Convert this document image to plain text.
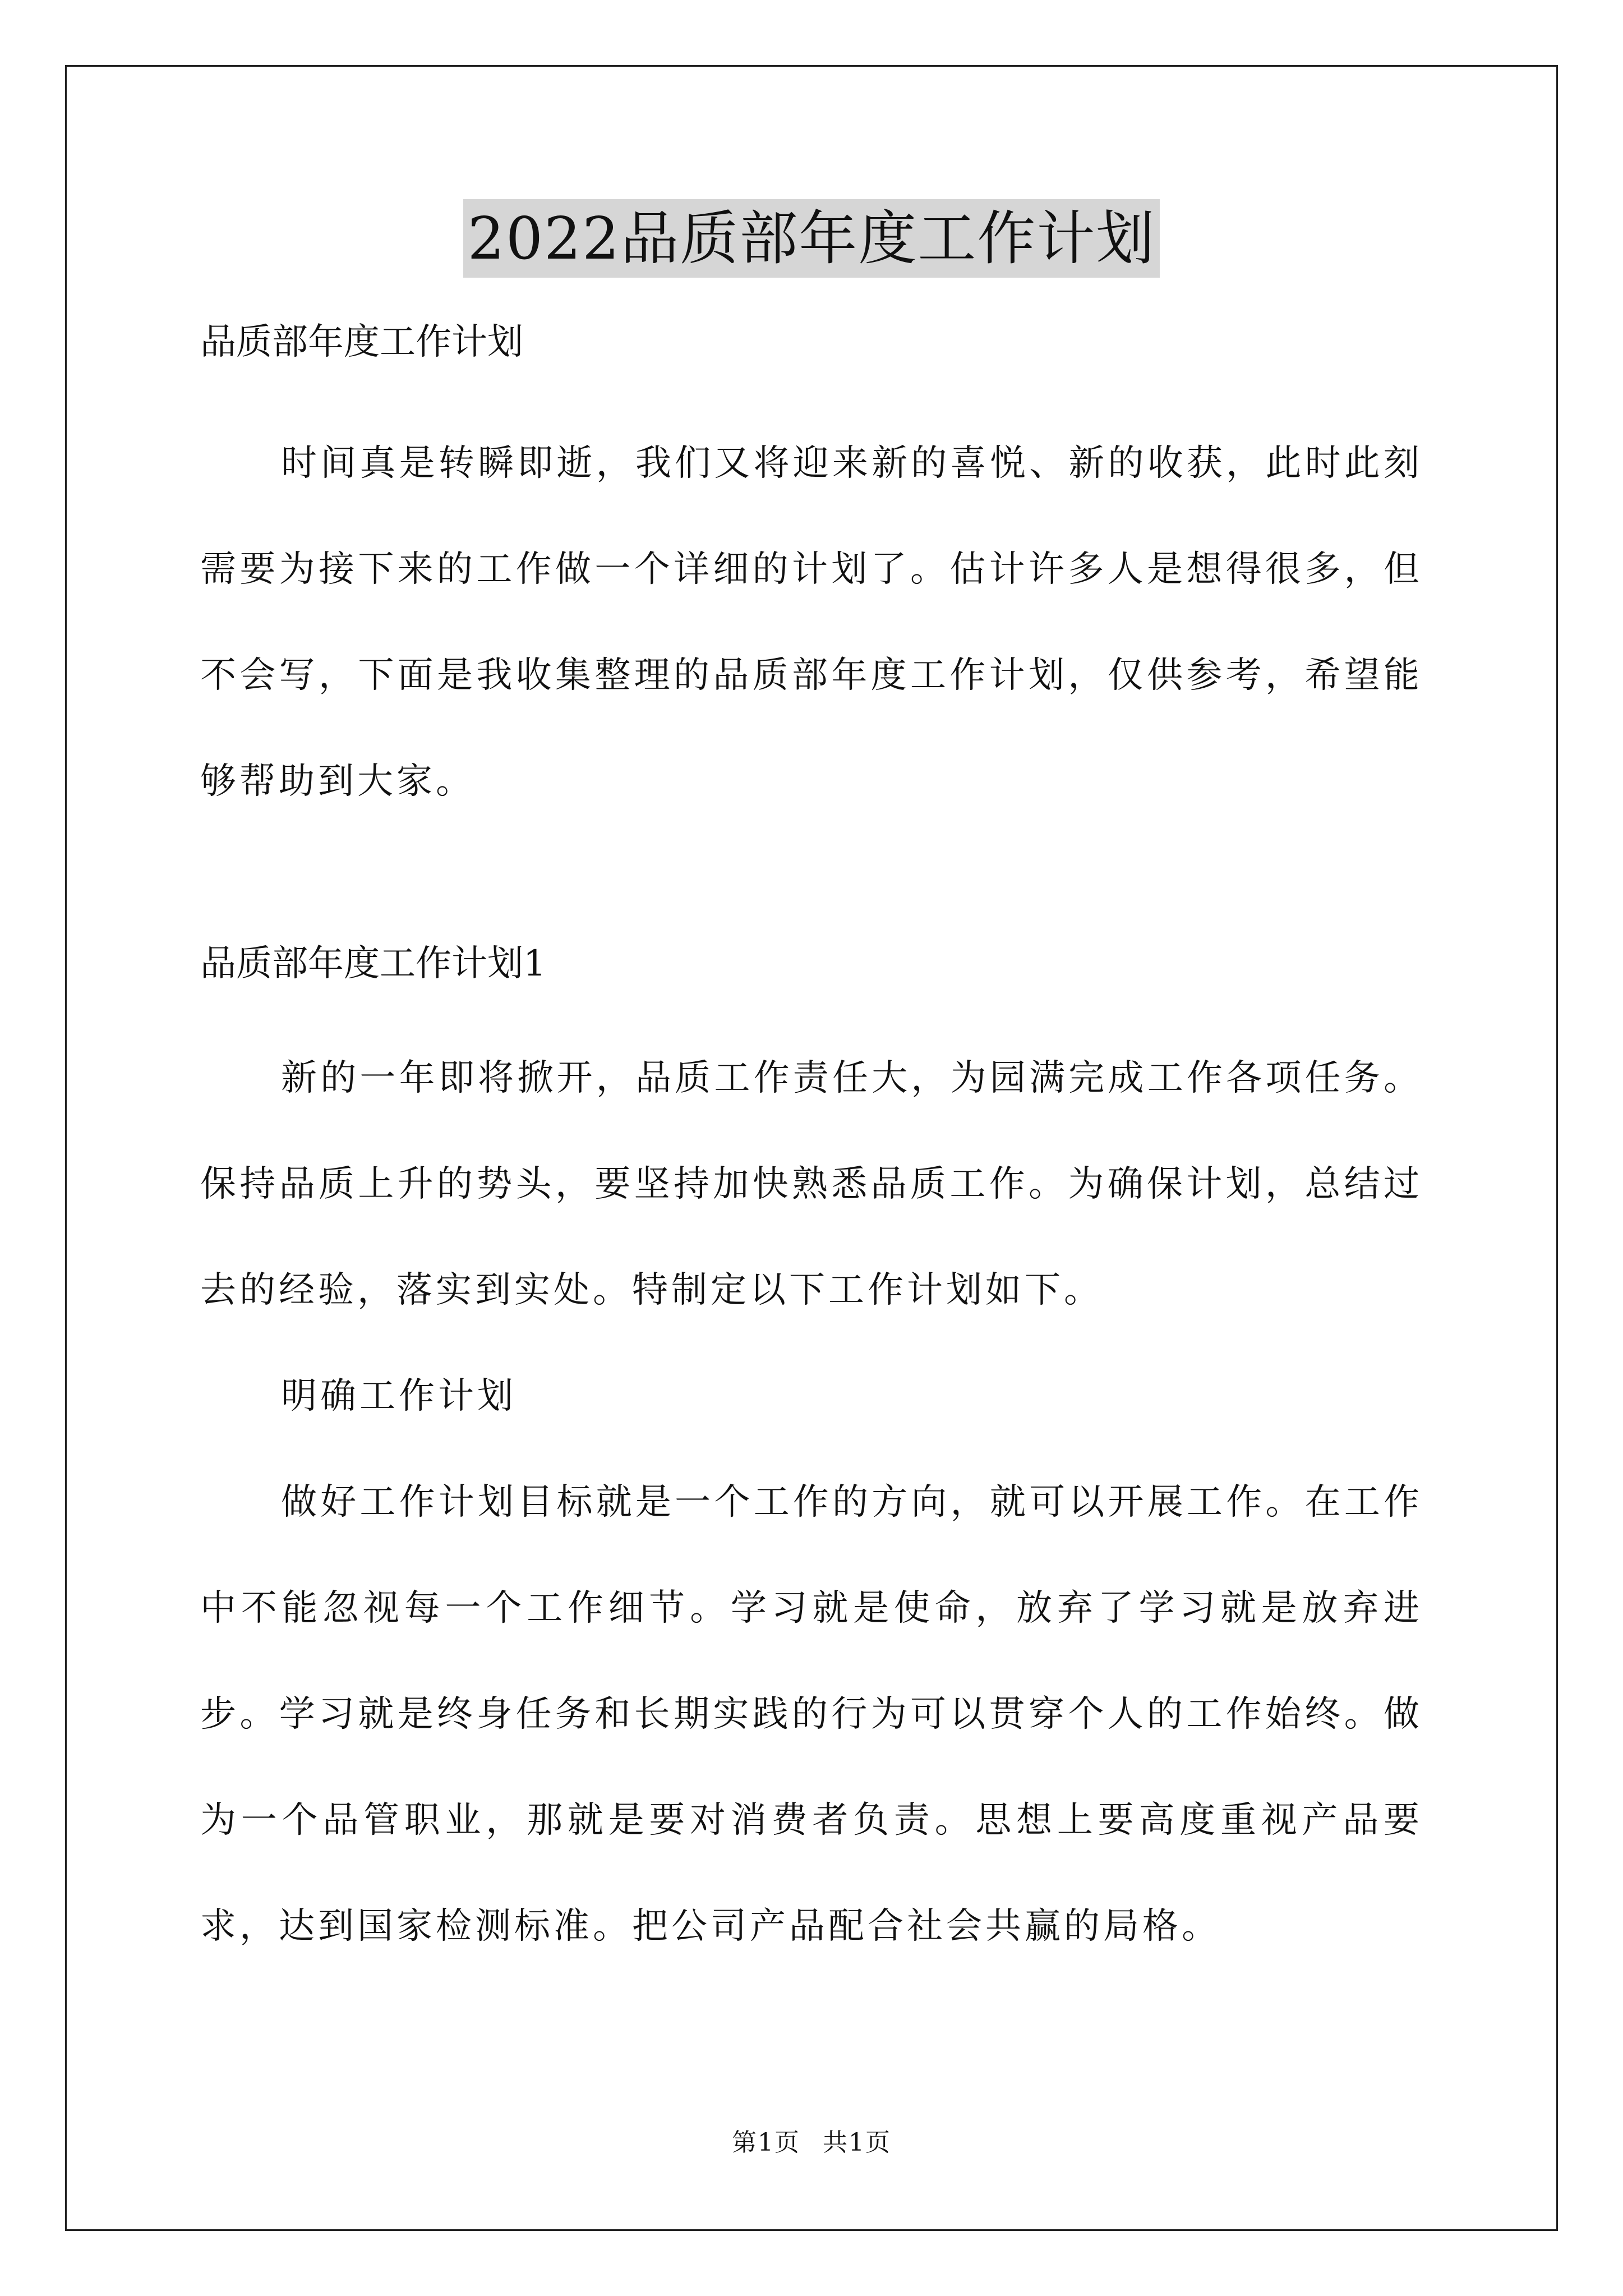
2022品质部年度工作计划

品质部年度工作计划

时间真是转瞬即逝，我们又将迎来新的喜悦、新的收获，此时此刻需要为接下来的工作做一个详细的计划了。估计许多人是想得很多，但不会写，下面是我收集整理的品质部年度工作计划，仅供参考，希望能够帮助到大家。

品质部年度工作计划1

新的一年即将掀开，品质工作责任大，为园满完成工作各项任务。保持品质上升的势头，要坚持加快熟悉品质工作。为确保计划，总结过去的经验，落实到实处。特制定以下工作计划如下。

明确工作计划

做好工作计划目标就是一个工作的方向，就可以开展工作。在工作中不能忽视每一个工作细节。学习就是使命，放弃了学习就是放弃进步。学习就是终身任务和长期实践的行为可以贯穿个人的工作始终。做为一个品管职业，那就是要对消费者负责。思想上要高度重视产品要求，达到国家检测标准。把公司产品配合社会共赢的局格。

第1页 共1页
